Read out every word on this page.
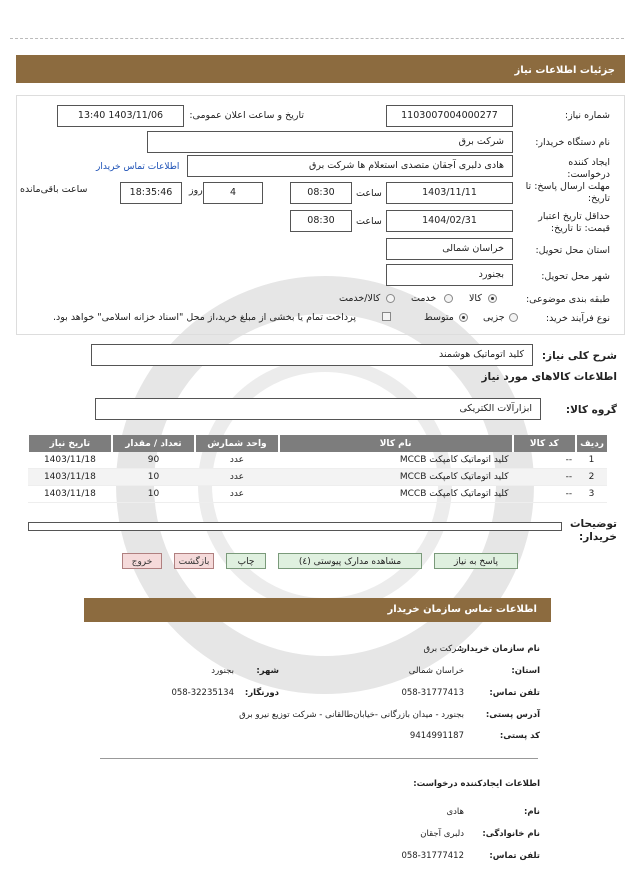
جزئیات اطلاعات نیاز
شماره نیاز:
1103007004000277
تاریخ و ساعت اعلان عمومی:
1403/11/06 13:40
نام دستگاه خریدار:
شرکت برق
ایجاد کننده درخواست:
هادی دلبری آجقان متصدی استعلام ها شرکت برق
اطلاعات تماس خریدار
مهلت ارسال پاسخ: تا تاریخ:
1403/11/11
ساعت
08:30
4
روز
18:35:46
ساعت باقی‌مانده
حداقل تاریخ اعتبار قیمت: تا تاریخ:
1404/02/31
ساعت
08:30
استان محل تحویل:
خراسان شمالی
شهر محل تحویل:
بجنورد
طبقه بندی موضوعی:
کالا
خدمت
کالا/خدمت
نوع فرآیند خرید:
جزیی
متوسط
پرداخت تمام یا بخشی از مبلغ خرید،از محل "اسناد خزانه اسلامی" خواهد بود.
شرح کلی نیاز:
کلید اتوماتیک هوشمند
اطلاعات کالاهای مورد نیاز
گروه کالا:
ابزارآلات الکتریکی
ردیف	کد کالا	نام کالا	واحد شمارش	تعداد / مقدار	تاریخ نیاز
1	--	کلید اتوماتیک کامپکت MCCB	عدد	90	1403/11/18
2	--	کلید اتوماتیک کامپکت MCCB	عدد	10	1403/11/18
3	--	کلید اتوماتیک کامپکت MCCB	عدد	10	1403/11/18
توضیحات خریدار:
پاسخ به نیاز
مشاهده مدارک پیوستی (٤)
چاپ
بازگشت
خروج
اطلاعات تماس سازمان خریدار
نام سازمان خریدار:
شرکت برق
استان:
خراسان شمالی
شهر:
بجنورد
تلفن تماس:
058-31777413
دورنگار:
058-32235134
آدرس پستی:
بجنورد - میدان بازرگانی -خیابان‌طالقانی - شرکت توزیع نیرو برق
کد پستی:
9414991187
اطلاعات ایجادکننده درخواست:
نام:
هادی
نام خانوادگی:
دلبری آجقان
تلفن تماس:
058-31777412
